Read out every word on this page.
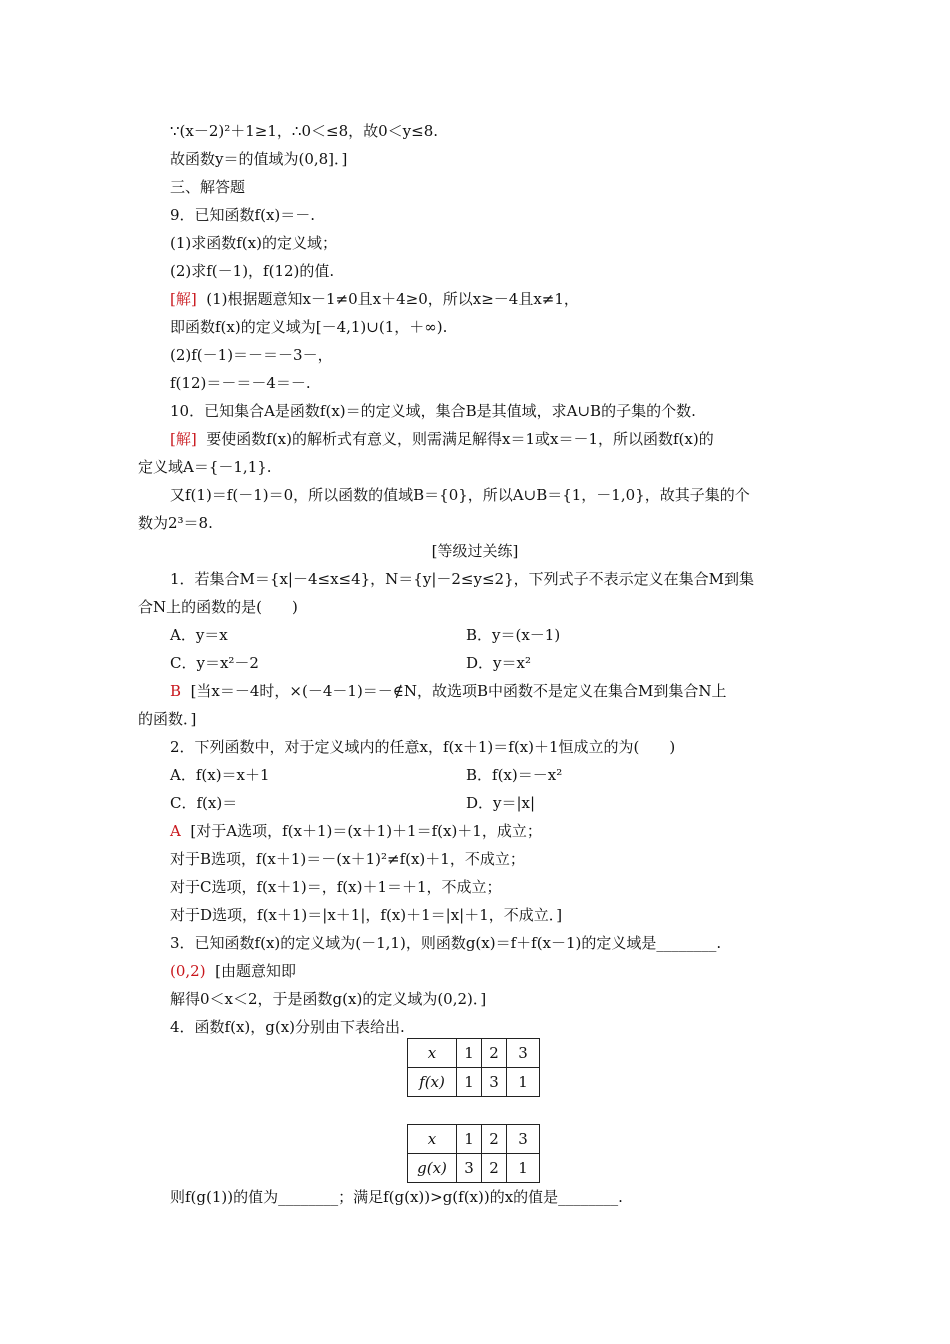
∵(x－2)²＋1≥1，∴0＜≤8，故0＜y≤8.
故函数y＝的值域为(0,8]．]
三、解答题
9．已知函数f(x)＝－.
(1)求函数f(x)的定义域；
(2)求f(－1)，f(12)的值.
[解] (1)根据题意知x－1≠0且x＋4≥0，所以x≥－4且x≠1，
即函数f(x)的定义域为[－4,1)∪(1，＋∞).
(2)f(－1)＝－＝－3－，
f(12)＝－＝－4＝－.
10．已知集合A是函数f(x)＝的定义域，集合B是其值域，求A∪B的子集的个数.
[解] 要使函数f(x)的解析式有意义，则需满足解得x＝1或x＝－1，所以函数f(x)的
定义域A＝{－1,1}.
又f(1)＝f(－1)＝0，所以函数的值域B＝{0}，所以A∪B＝{1，－1,0}，故其子集的个
数为2³＝8.
[等级过关练]
1．若集合M＝{x|－4≤x≤4}，N＝{y|－2≤y≤2}，下列式子不表示定义在集合M到集
合N上的函数的是(　　)
A．y＝x	B．y＝(x－1)
C．y＝x²－2	D．y＝x²
B [当x＝－4时，×(－4－1)＝－∉N，故选项B中函数不是定义在集合M到集合N上
的函数．]
2．下列函数中，对于定义域内的任意x，f(x＋1)＝f(x)＋1恒成立的为(　　)
A．f(x)＝x＋1	B．f(x)＝－x²
C．f(x)＝	D．y＝|x|
A [对于A选项，f(x＋1)＝(x＋1)＋1＝f(x)＋1，成立；
对于B选项，f(x＋1)＝－(x＋1)²≠f(x)＋1，不成立；
对于C选项，f(x＋1)＝，f(x)＋1＝＋1，不成立；
对于D选项，f(x＋1)＝|x＋1|，f(x)＋1＝|x|＋1，不成立．]
3．已知函数f(x)的定义域为(－1,1)，则函数g(x)＝f＋f(x－1)的定义域是________.
(0,2) [由题意知即
解得0＜x＜2，于是函数g(x)的定义域为(0,2)．]
4．函数f(x)，g(x)分别由下表给出.
x	1	2	3
f(x)	1	3	1
x	1	2	3
g(x)	3	2	1
则f(g(1))的值为________；满足f(g(x))>g(f(x))的x的值是________.
